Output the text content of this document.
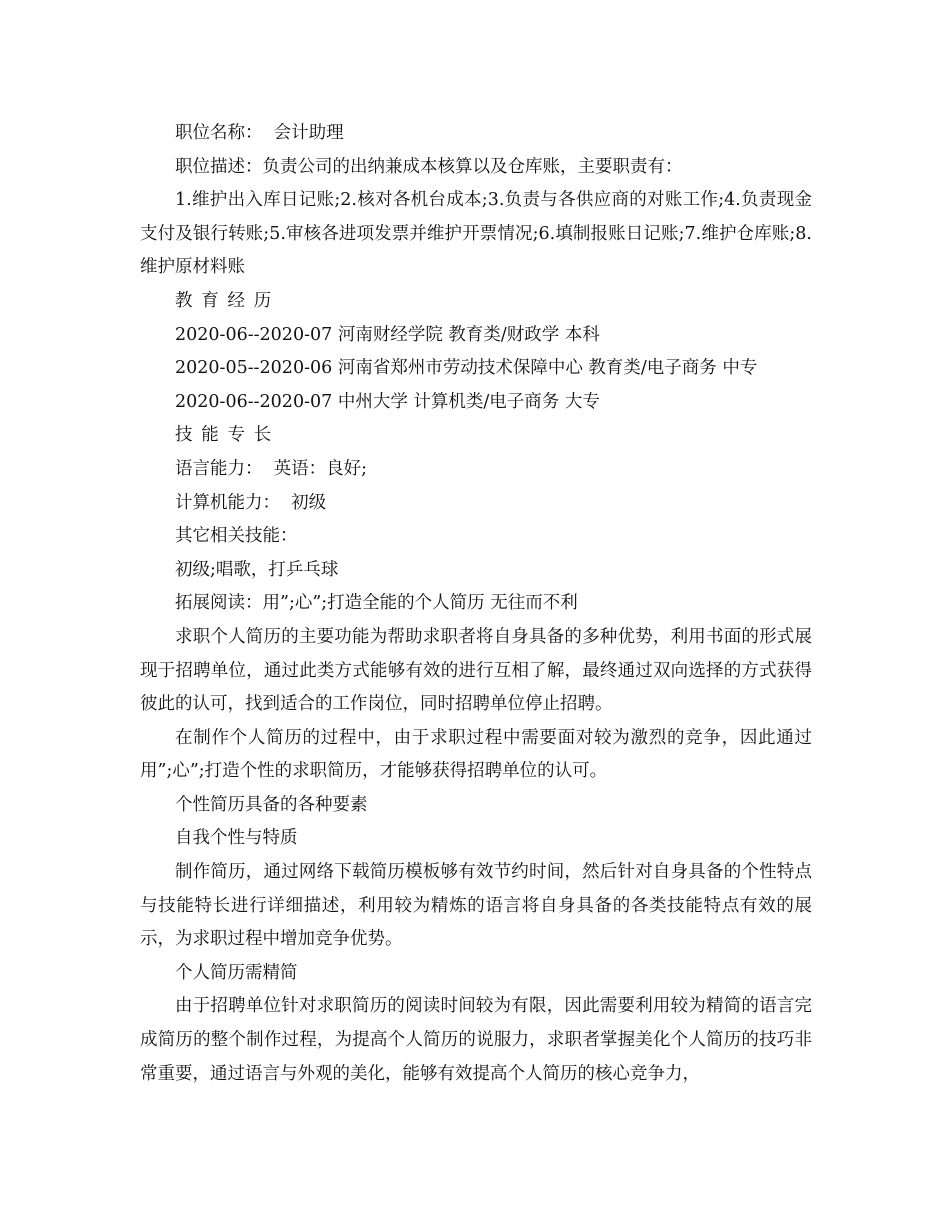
职位名称：  会计助理

职位描述：负责公司的出纳兼成本核算以及仓库账，主要职责有：

1.维护出入库日记账;2.核对各机台成本;3.负责与各供应商的对账工作;4.负责现金支付及银行转账;5.审核各进项发票并维护开票情况;6.填制报账日记账;7.维护仓库账;8.维护原材料账

教育经历

2020-06--2020-07 河南财经学院 教育类/财政学 本科

2020-05--2020-06 河南省郑州市劳动技术保障中心 教育类/电子商务 中专

2020-06--2020-07 中州大学 计算机类/电子商务 大专

技能专长

语言能力：  英语：良好;

计算机能力：  初级

其它相关技能：

初级;唱歌，打乒乓球

拓展阅读：用”;心”;打造全能的个人简历 无往而不利

求职个人简历的主要功能为帮助求职者将自身具备的多种优势，利用书面的形式展现于招聘单位，通过此类方式能够有效的进行互相了解，最终通过双向选择的方式获得彼此的认可，找到适合的工作岗位，同时招聘单位停止招聘。

在制作个人简历的过程中，由于求职过程中需要面对较为激烈的竞争，因此通过用”;心”;打造个性的求职简历，才能够获得招聘单位的认可。

个性简历具备的各种要素

自我个性与特质

制作简历，通过网络下载简历模板够有效节约时间，然后针对自身具备的个性特点与技能特长进行详细描述，利用较为精炼的语言将自身具备的各类技能特点有效的展示，为求职过程中增加竞争优势。

个人简历需精简

由于招聘单位针对求职简历的阅读时间较为有限，因此需要利用较为精简的语言完成简历的整个制作过程，为提高个人简历的说服力，求职者掌握美化个人简历的技巧非常重要，通过语言与外观的美化，能够有效提高个人简历的核心竞争力，
